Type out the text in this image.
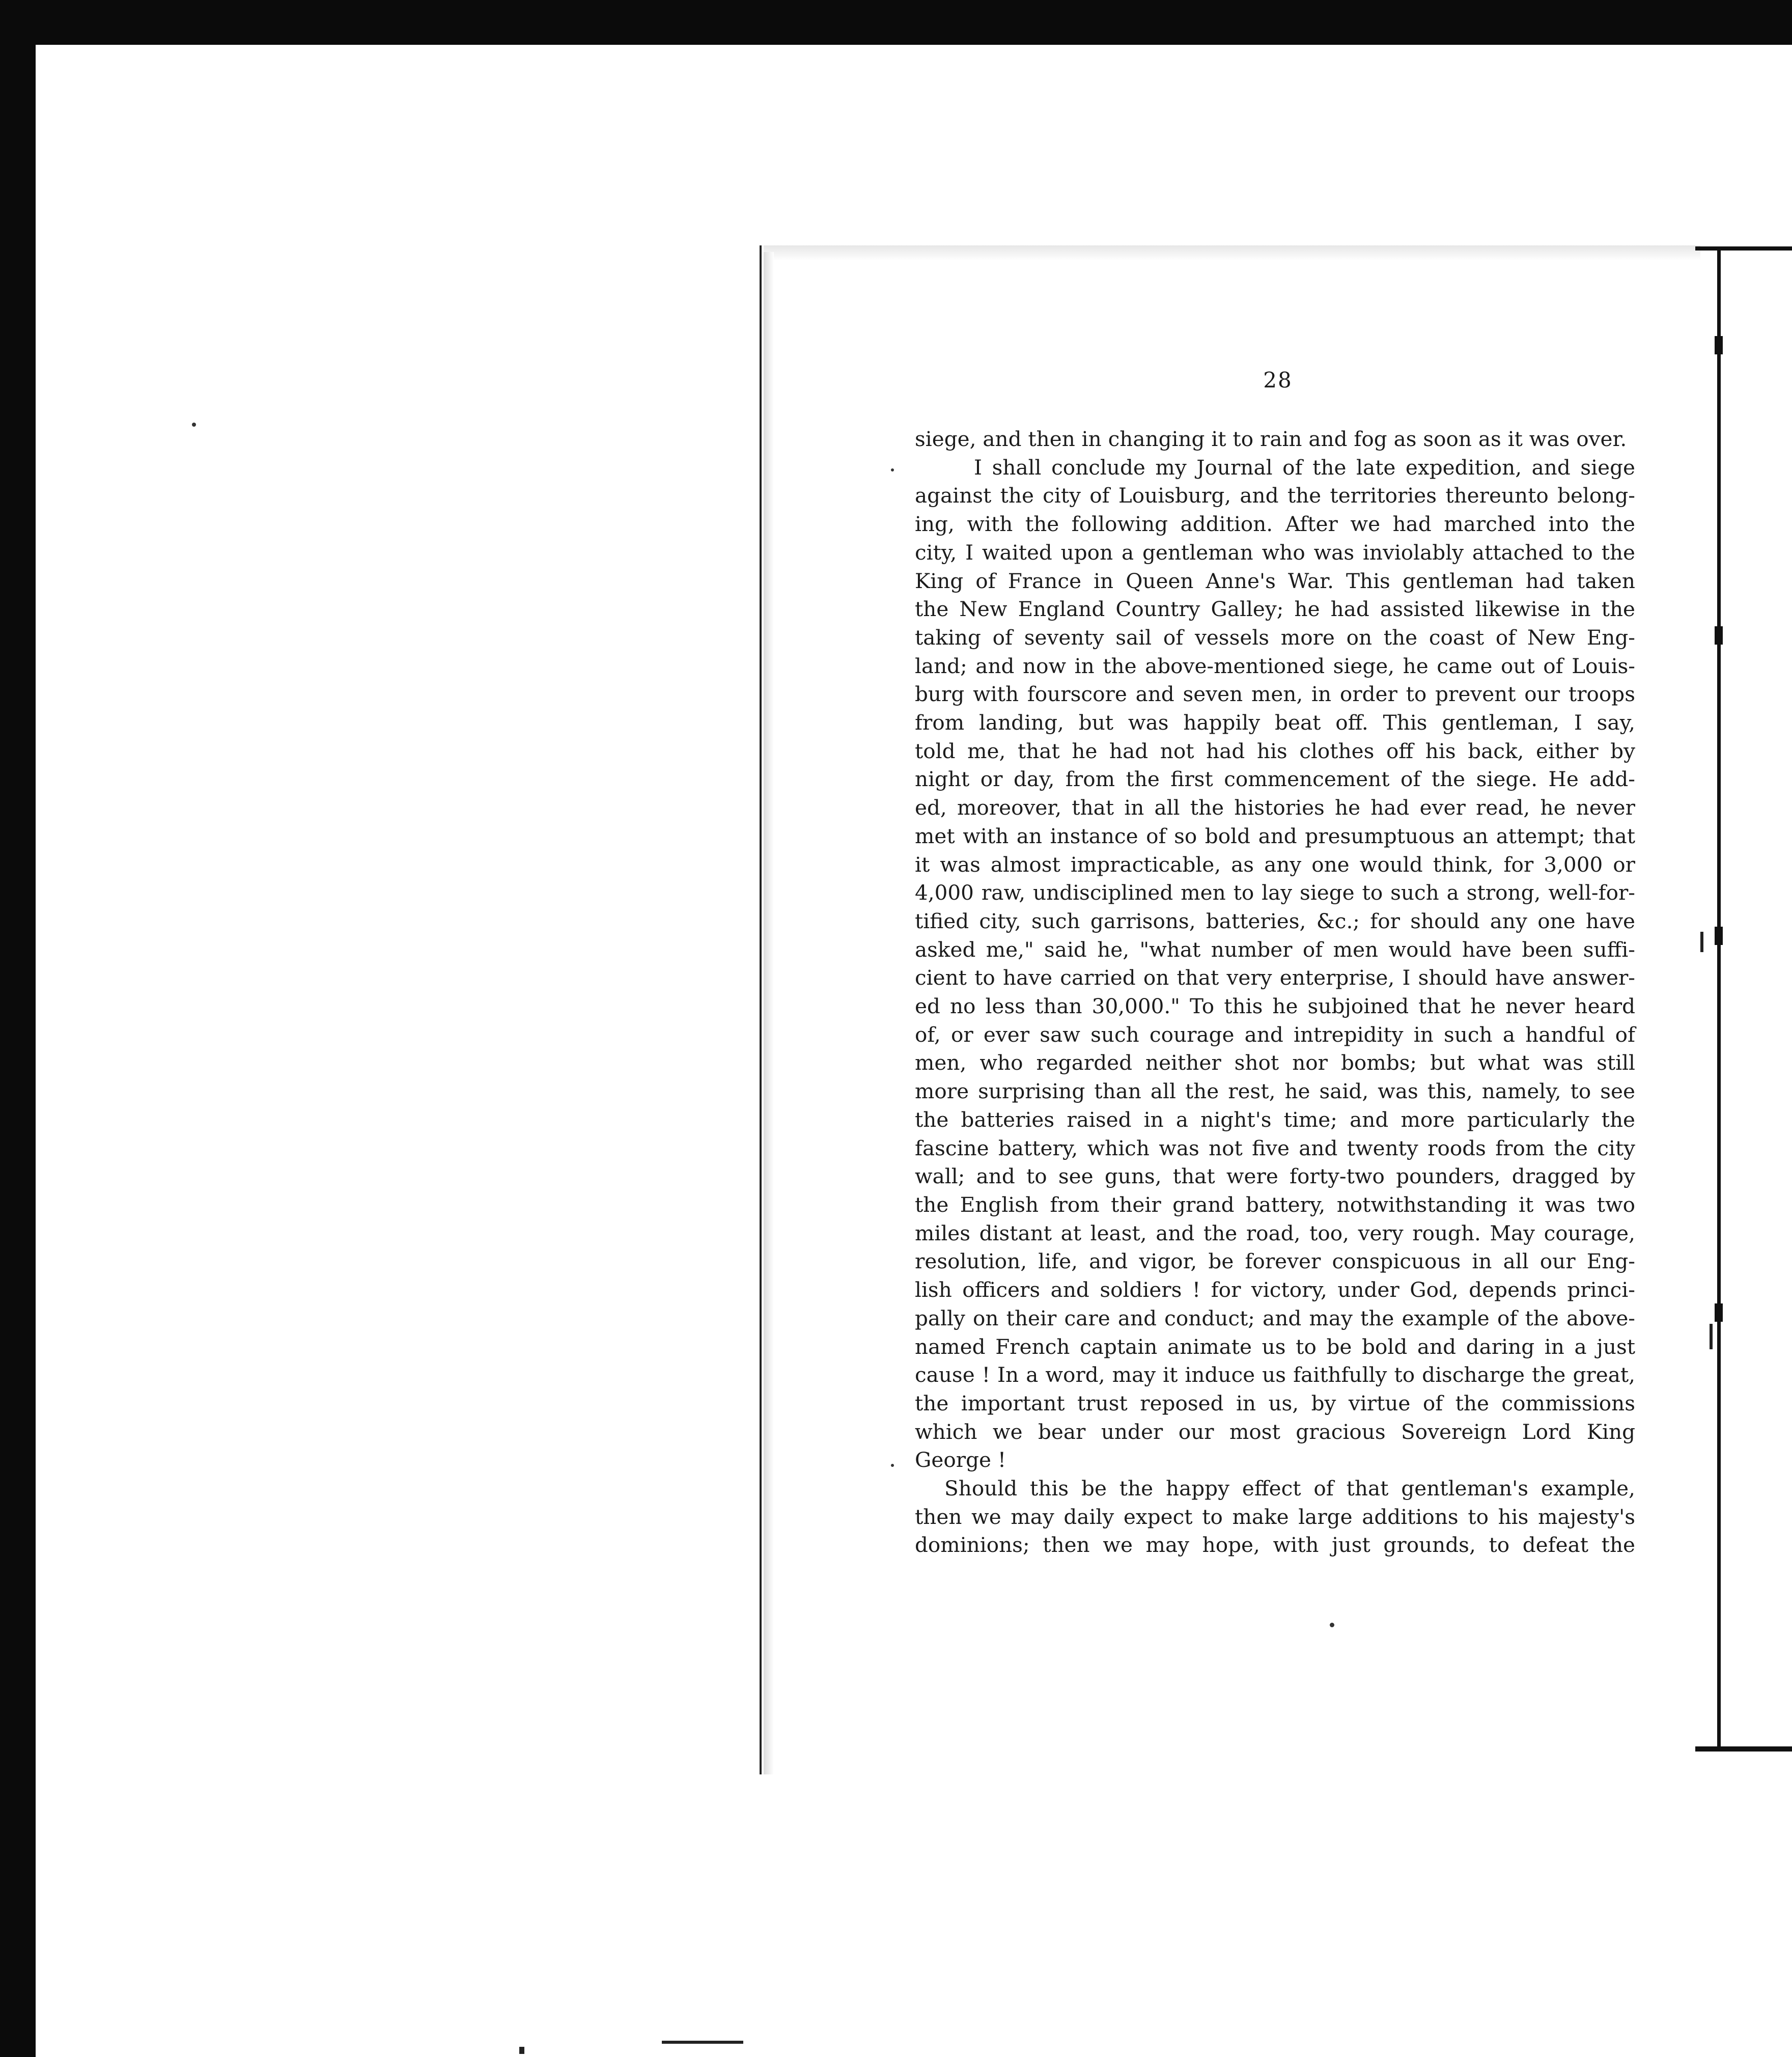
28
siege, and then in changing it to rain and fog as soon as it was over.
I shall conclude my Journal of the late expedition, and siege
against the city of Louisburg, and the territories thereunto belong-
ing, with the following addition. After we had marched into the
city, I waited upon a gentleman who was inviolably attached to the
King of France in Queen Anne's War. This gentleman had taken
the New England Country Galley; he had assisted likewise in the
taking of seventy sail of vessels more on the coast of New Eng-
land; and now in the above-mentioned siege, he came out of Louis-
burg with fourscore and seven men, in order to prevent our troops
from landing, but was happily beat off. This gentleman, I say,
told me, that he had not had his clothes off his back, either by
night or day, from the first commencement of the siege. He add-
ed, moreover, that in all the histories he had ever read, he never
met with an instance of so bold and presumptuous an attempt; that
it was almost impracticable, as any one would think, for 3,000 or
4,000 raw, undisciplined men to lay siege to such a strong, well-for-
tified city, such garrisons, batteries, &c.; for should any one have
asked me," said he, "what number of men would have been suffi-
cient to have carried on that very enterprise, I should have answer-
ed no less than 30,000." To this he subjoined that he never heard
of, or ever saw such courage and intrepidity in such a handful of
men, who regarded neither shot nor bombs; but what was still
more surprising than all the rest, he said, was this, namely, to see
the batteries raised in a night's time; and more particularly the
fascine battery, which was not five and twenty roods from the city
wall; and to see guns, that were forty-two pounders, dragged by
the English from their grand battery, notwithstanding it was two
miles distant at least, and the road, too, very rough. May courage,
resolution, life, and vigor, be forever conspicuous in all our Eng-
lish officers and soldiers ! for victory, under God, depends princi-
pally on their care and conduct; and may the example of the above-
named French captain animate us to be bold and daring in a just
cause ! In a word, may it induce us faithfully to discharge the great,
the important trust reposed in us, by virtue of the commissions
which we bear under our most gracious Sovereign Lord King
George !
Should this be the happy effect of that gentleman's example,
then we may daily expect to make large additions to his majesty's
dominions; then we may hope, with just grounds, to defeat the
